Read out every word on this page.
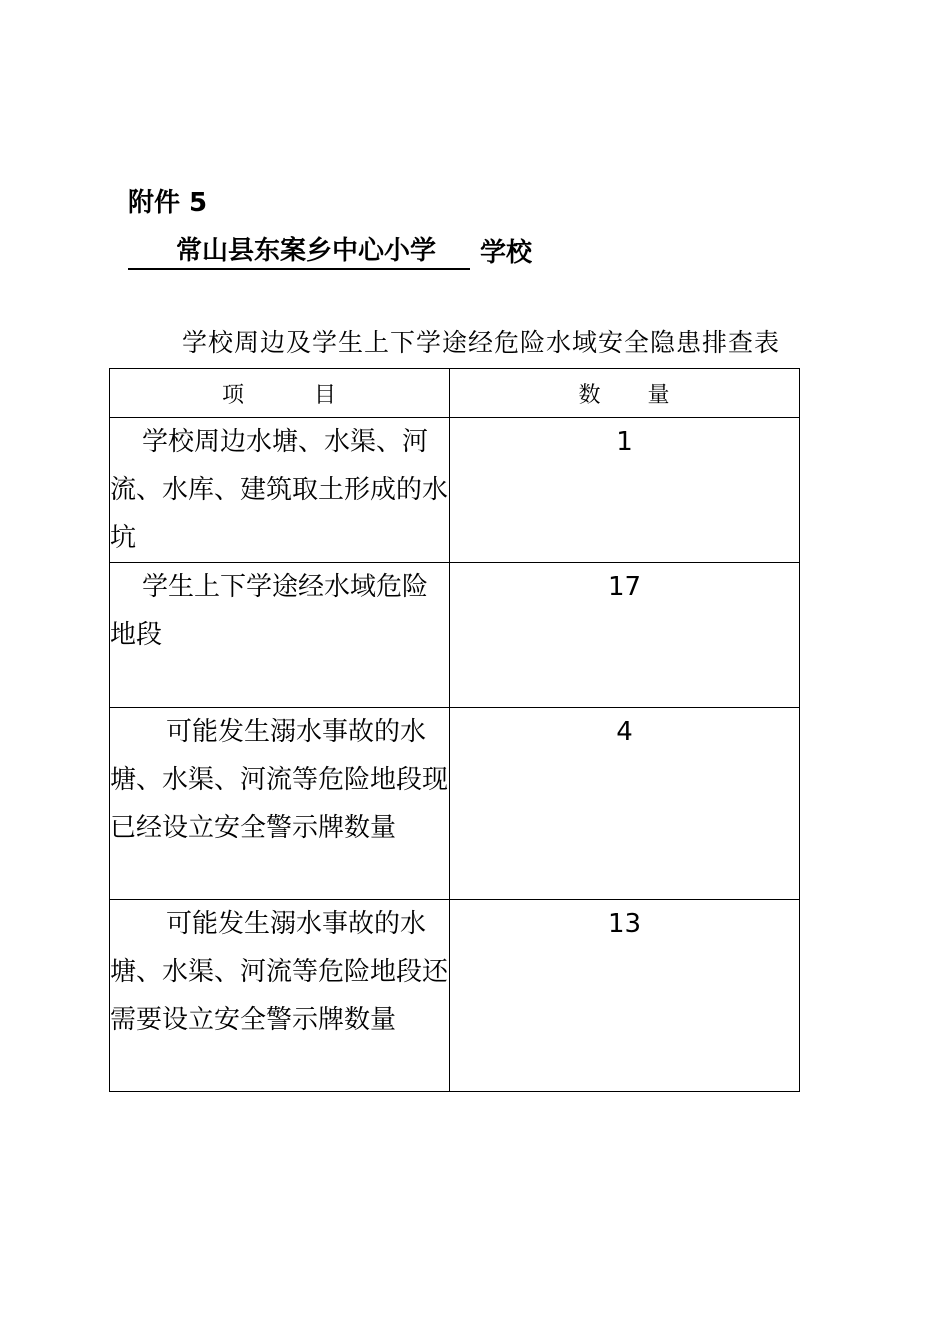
附件 5
常山县东案乡中心小学	学校
学校周边及学生上下学途经危险水域安全隐患排查表
项　　　目	数　　量
学校周边水塘、水渠、河流、水库、建筑取土形成的水坑	1
学生上下学途经水域危险地段	17
可能发生溺水事故的水塘、水渠、河流等危险地段现已经设立安全警示牌数量	4
可能发生溺水事故的水塘、水渠、河流等危险地段还需要设立安全警示牌数量	13
